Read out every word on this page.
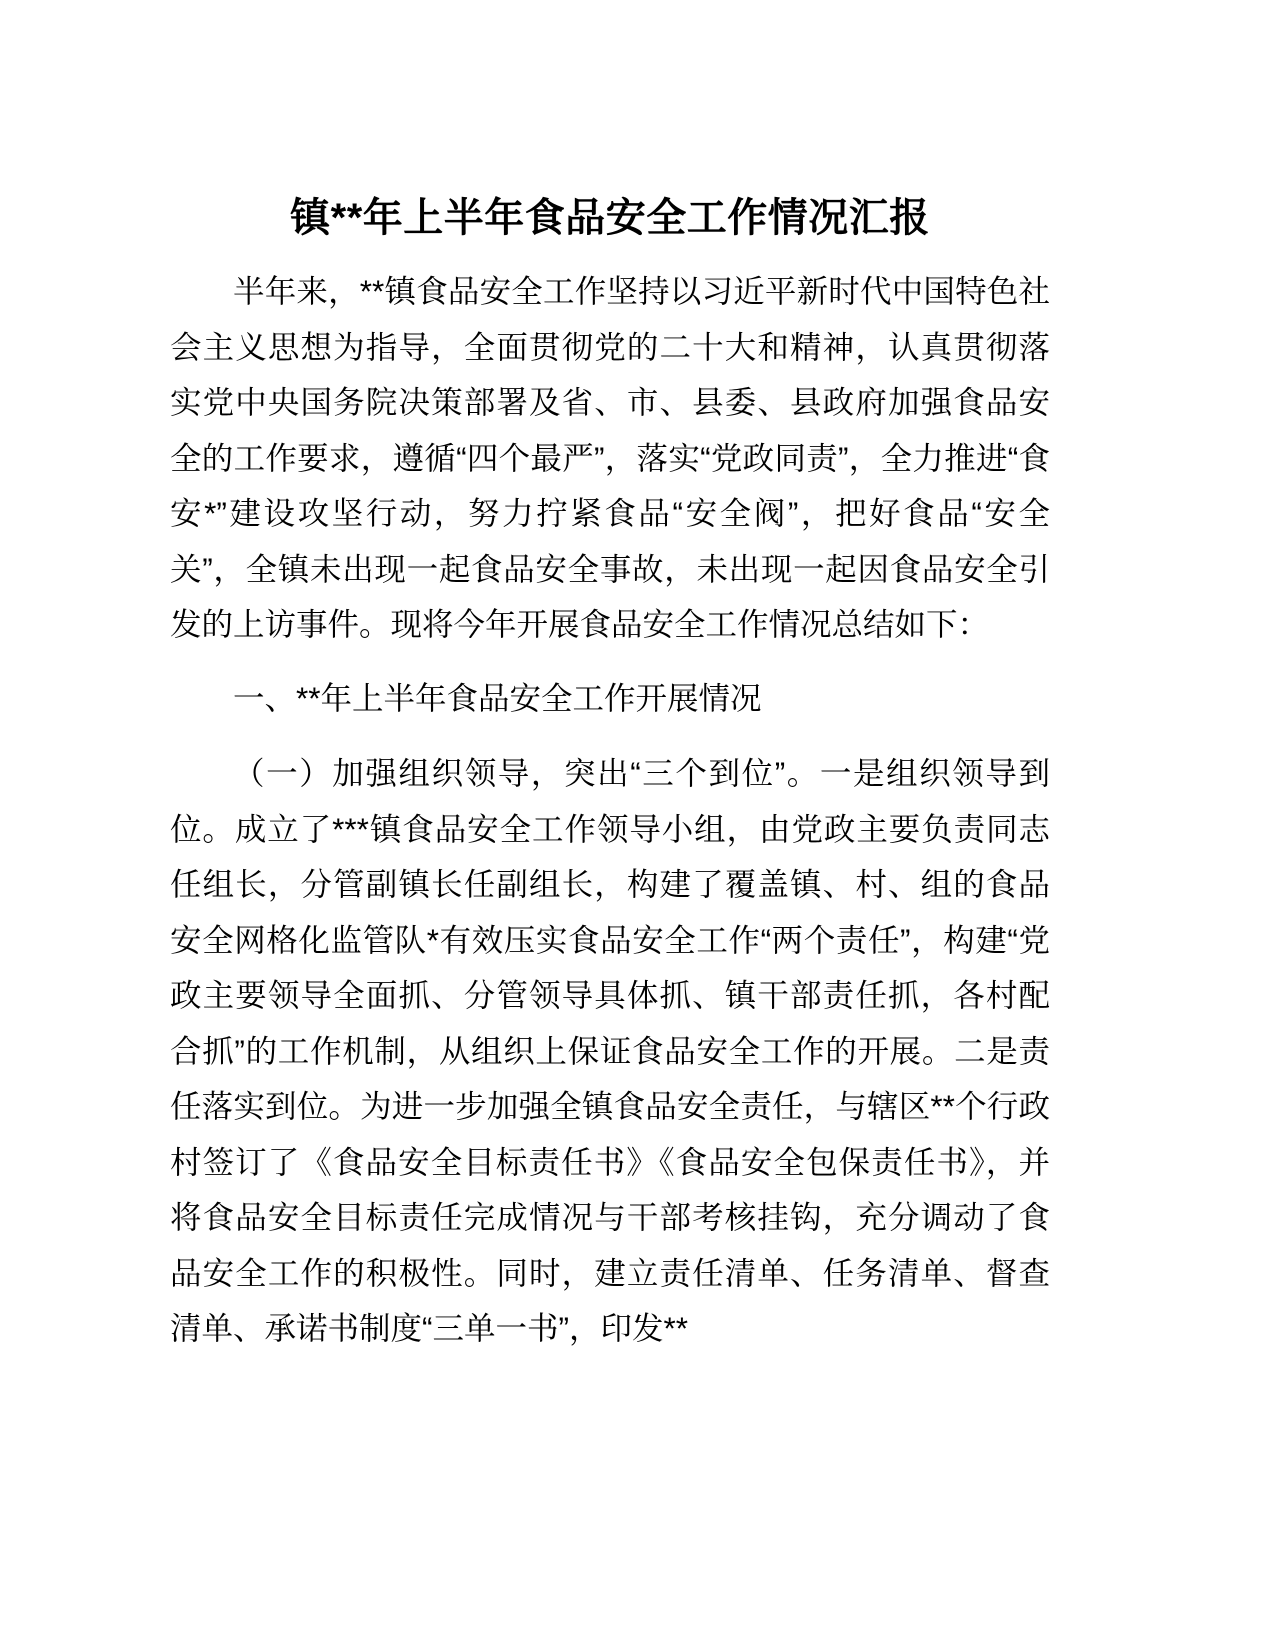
镇**年上半年食品安全工作情况汇报

半年来，**镇食品安全工作坚持以习近平新时代中国特色社会主义思想为指导，全面贯彻党的二十大和精神，认真贯彻落实党中央国务院决策部署及省、市、县委、县政府加强食品安全的工作要求，遵循“四个最严”，落实“党政同责”，全力推进“食安*”建设攻坚行动，努力拧紧食品“安全阀”，把好食品“安全关”，全镇未出现一起食品安全事故，未出现一起因食品安全引发的上访事件。现将今年开展食品安全工作情况总结如下：

一、**年上半年食品安全工作开展情况

（一）加强组织领导，突出“三个到位”。一是组织领导到位。成立了***镇食品安全工作领导小组，由党政主要负责同志任组长，分管副镇长任副组长，构建了覆盖镇、村、组的食品安全网格化监管队*有效压实食品安全工作“两个责任”，构建“党政主要领导全面抓、分管领导具体抓、镇干部责任抓，各村配合抓”的工作机制，从组织上保证食品安全工作的开展。二是责任落实到位。为进一步加强全镇食品安全责任，与辖区**个行政村签订了《食品安全目标责任书》《食品安全包保责任书》，并将食品安全目标责任完成情况与干部考核挂钩，充分调动了食品安全工作的积极性。同时，建立责任清单、任务清单、督查清单、承诺书制度“三单一书”，印发**
